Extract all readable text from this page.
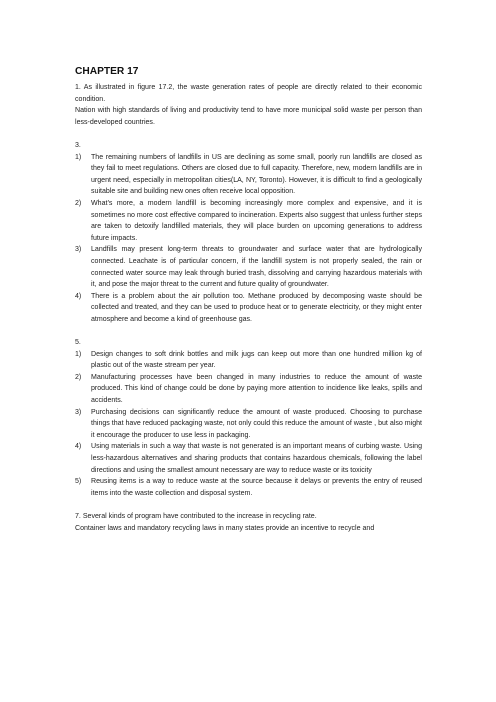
CHAPTER 17

1. As illustrated in figure 17.2, the waste generation rates of people are directly related to their economic condition.

Nation with high standards of living and productivity tend to have more municipal solid waste per person than less-developed countries.

3.

1) The remaining numbers of landfills in US are declining as some small, poorly run landfills are closed as they fail to meet regulations. Others are closed due to full capacity. Therefore, new, modern landfills are in urgent need, especially in metropolitan cities(LA, NY, Toronto). However, it is difficult to find a geologically suitable site and building new ones often receive local opposition.
2) What’s more, a modern landfill is becoming increasingly more complex and expensive, and it is sometimes no more cost effective compared to incineration. Experts also suggest that unless further steps are taken to detoxify landfilled materials, they will place burden on upcoming generations to address future impacts.
3) Landfills may present long-term threats to groundwater and surface water that are hydrologically connected. Leachate is of particular concern, if the landfill system is not properly sealed, the rain or connected water source may leak through buried trash, dissolving and carrying hazardous materials with it, and pose the major threat to the current and future quality of groundwater.
4) There is a problem about the air pollution too. Methane produced by decomposing waste should be collected and treated, and they can be used to produce heat or to generate electricity, or they might enter atmosphere and become a kind of greenhouse gas.

5.

1) Design changes to soft drink bottles and milk jugs can keep out more than one hundred million kg of plastic out of the waste stream per year.
2) Manufacturing processes have been changed in many industries to reduce the amount of waste produced. This kind of change could be done by paying more attention to incidence like leaks, spills and accidents.
3) Purchasing decisions can significantly reduce the amount of waste produced. Choosing to purchase things that have reduced packaging waste, not only could this reduce the amount of waste , but also might it encourage the producer to use less in packaging.
4) Using materials in such a way that waste is not generated is an important means of curbing waste. Using less-hazardous alternatives and sharing products that contains hazardous chemicals, following the label directions and using the smallest amount necessary are way to reduce waste or its toxicity
5) Reusing items is a way to reduce waste at the source because it delays or prevents the entry of reused items into the waste collection and disposal system.

7. Several kinds of program have contributed to the increase in recycling rate.

Container laws and mandatory recycling laws in many states provide an incentive to recycle and
